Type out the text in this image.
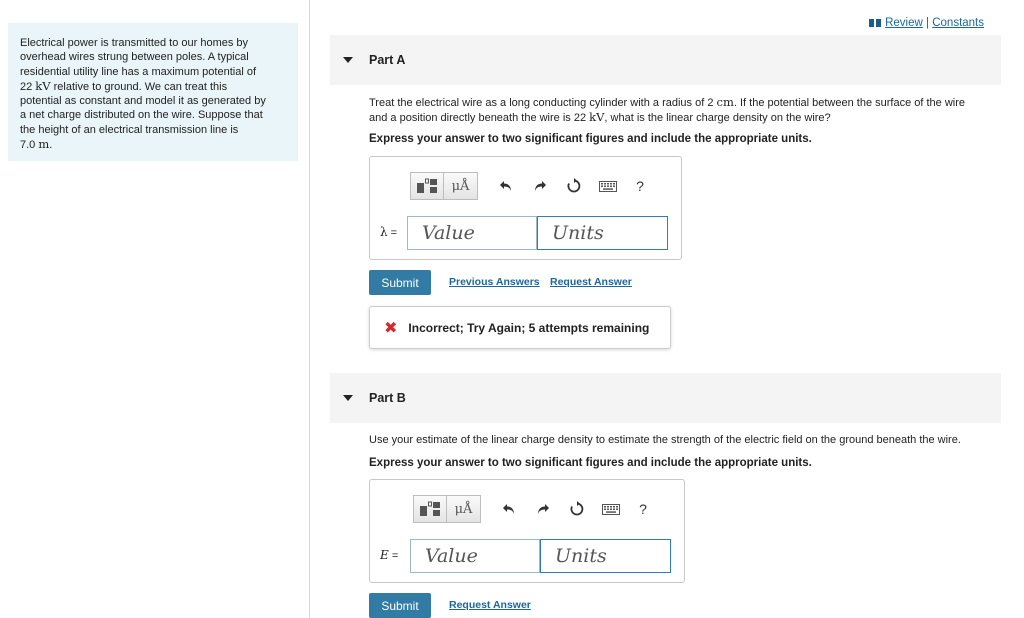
Electrical power is transmitted to our homes by
overhead wires strung between poles. A typical
residential utility line has a maximum potential of
22 kV relative to ground. We can treat this
potential as constant and model it as generated by
a net charge distributed on the wire. Suppose that
the height of an electrical transmission line is
7.0 m.
Review | Constants
Part A
Treat the electrical wire as a long conducting cylinder with a radius of 2 cm. If the potential between the surface of the wire
and a position directly beneath the wire is 22 kV, what is the linear charge density on the wire?
Express your answer to two significant figures and include the appropriate units.
μÅ	?
λ =	Value	Units
Submit	Previous Answers Request Answer
✖ Incorrect; Try Again; 5 attempts remaining
Part B
Use your estimate of the linear charge density to estimate the strength of the electric field on the ground beneath the wire.
Express your answer to two significant figures and include the appropriate units.
μÅ	?
E =	Value	Units
Submit	Request Answer
